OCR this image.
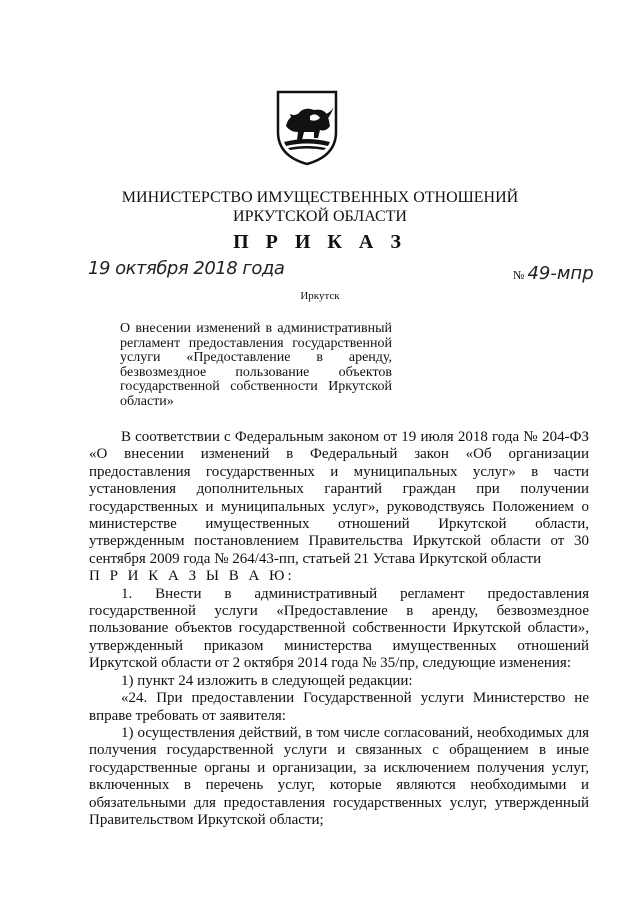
МИНИСТЕРСТВО ИМУЩЕСТВЕННЫХ ОТНОШЕНИЙ
ИРКУТСКОЙ ОБЛАСТИ
П Р И К А З
19 октября 2018 года	№ 49-мпр
Иркутск
О внесении изменений в административный регламент предоставления государственной услуги «Предоставление в аренду, безвозмездное пользование объектов государственной собственности Иркутской области»

В соответствии с Федеральным законом от 19 июля 2018 года № 204-ФЗ «О внесении изменений в Федеральный закон «Об организации предоставления государственных и муниципальных услуг» в части установления дополнительных гарантий граждан при получении государственных и муниципальных услуг», руководствуясь Положением о министерстве имущественных отношений Иркутской области, утвержденным постановлением Правительства Иркутской области от 30 сентября 2009 года № 264/43-пп, статьей 21 Устава Иркутской области

П Р И К А З Ы В А Ю:

1. Внести в административный регламент предоставления государственной услуги «Предоставление в аренду, безвозмездное пользование объектов государственной собственности Иркутской области», утвержденный приказом министерства имущественных отношений Иркутской области от 2 октября 2014 года № 35/пр, следующие изменения:

1) пункт 24 изложить в следующей редакции:

«24. При предоставлении Государственной услуги Министерство не вправе требовать от заявителя:

1) осуществления действий, в том числе согласований, необходимых для получения государственной услуги и связанных с обращением в иные государственные органы и организации, за исключением получения услуг, включенных в перечень услуг, которые являются необходимыми и обязательными для предоставления государственных услуг, утвержденный Правительством Иркутской области;
